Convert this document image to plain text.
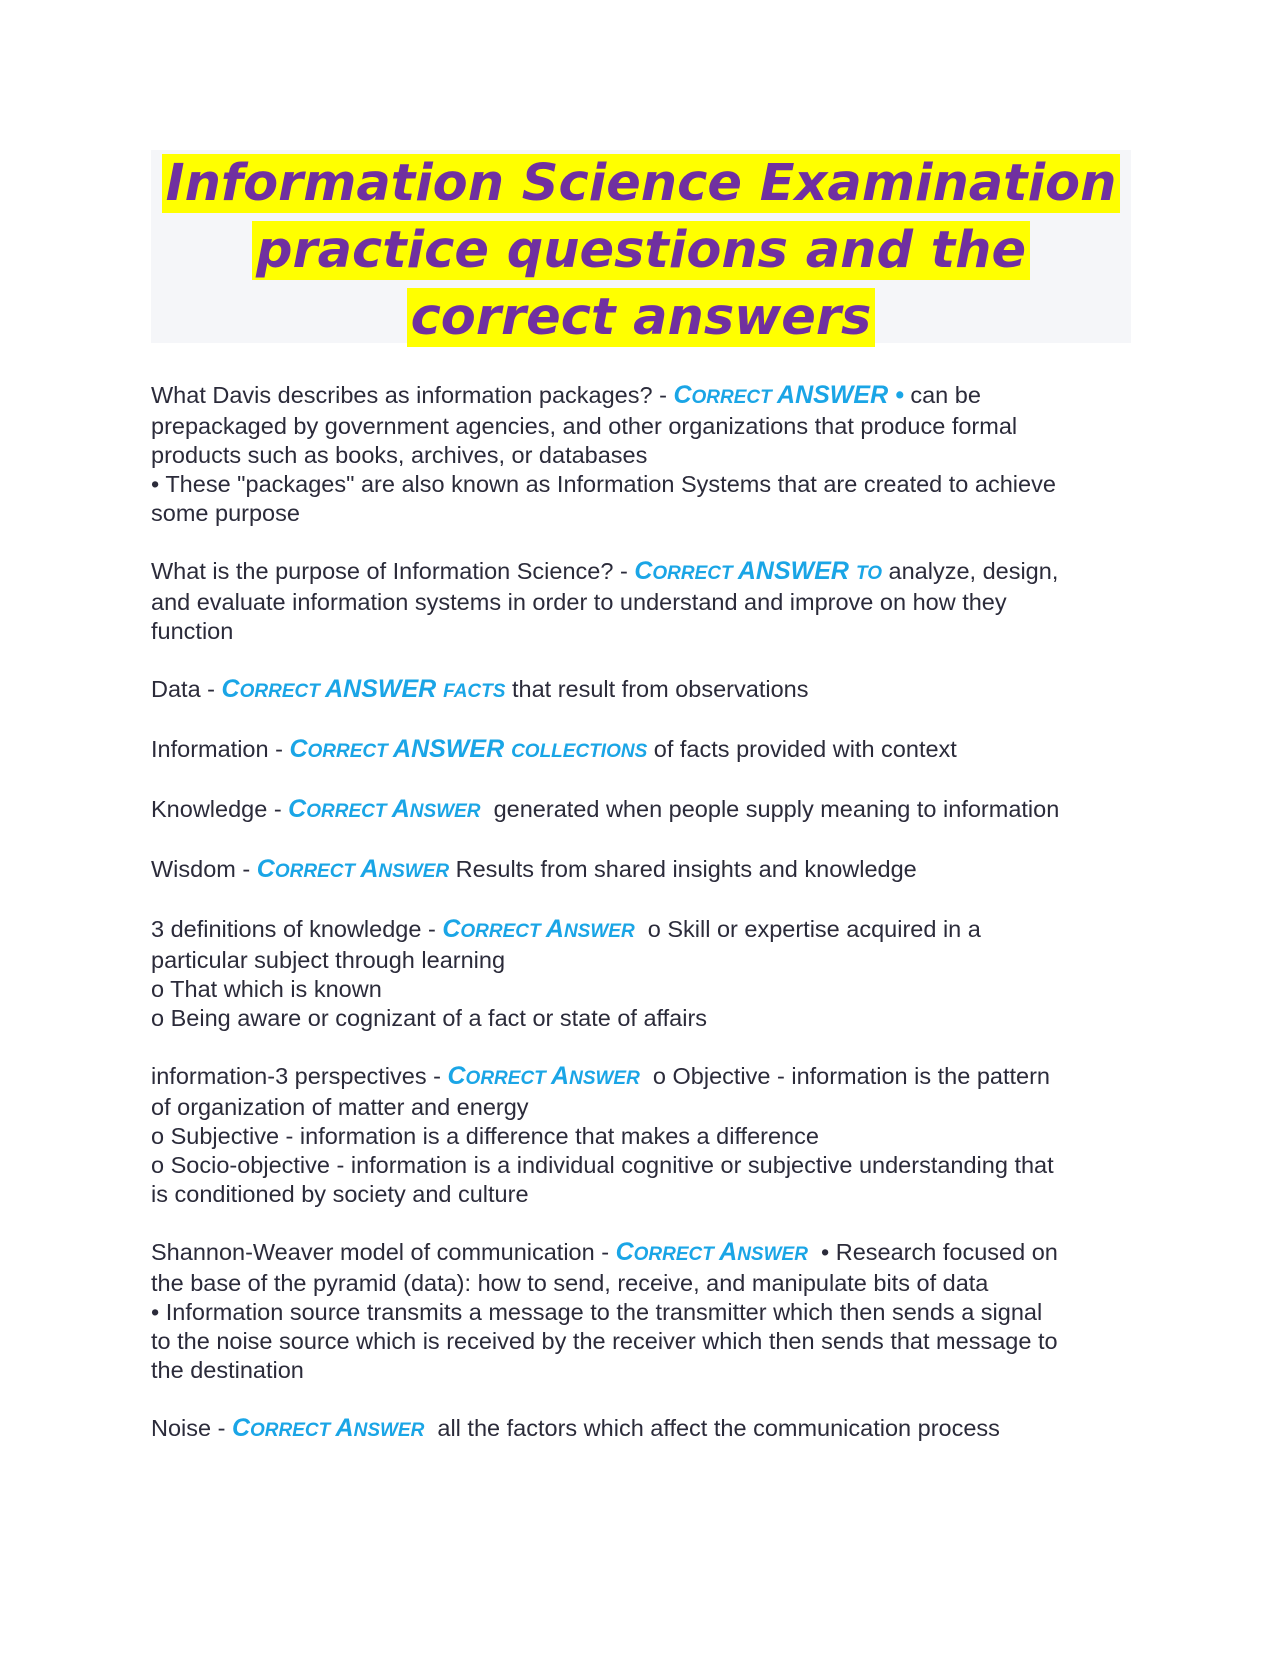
Information Science Examination
practice questions and the
correct answers
What Davis describes as information packages? - CORRECT ANSWER • can be
prepackaged by government agencies, and other organizations that produce formal
products such as books, archives, or databases
• These "packages" are also known as Information Systems that are created to achieve
some purpose
What is the purpose of Information Science? - CORRECT ANSWER TO analyze, design,
and evaluate information systems in order to understand and improve on how they
function
Data - CORRECT ANSWER FACTS that result from observations
Information - CORRECT ANSWER COLLECTIONS of facts provided with context
Knowledge - CORRECT ANSWER  generated when people supply meaning to information
Wisdom - CORRECT ANSWER Results from shared insights and knowledge
3 definitions of knowledge - CORRECT ANSWER  o Skill or expertise acquired in a
particular subject through learning
o That which is known
o Being aware or cognizant of a fact or state of affairs
information-3 perspectives - CORRECT ANSWER  o Objective - information is the pattern
of organization of matter and energy
o Subjective - information is a difference that makes a difference
o Socio-objective - information is a individual cognitive or subjective understanding that
is conditioned by society and culture
Shannon-Weaver model of communication - CORRECT ANSWER  • Research focused on
the base of the pyramid (data): how to send, receive, and manipulate bits of data
• Information source transmits a message to the transmitter which then sends a signal
to the noise source which is received by the receiver which then sends that message to
the destination
Noise - CORRECT ANSWER  all the factors which affect the communication process
